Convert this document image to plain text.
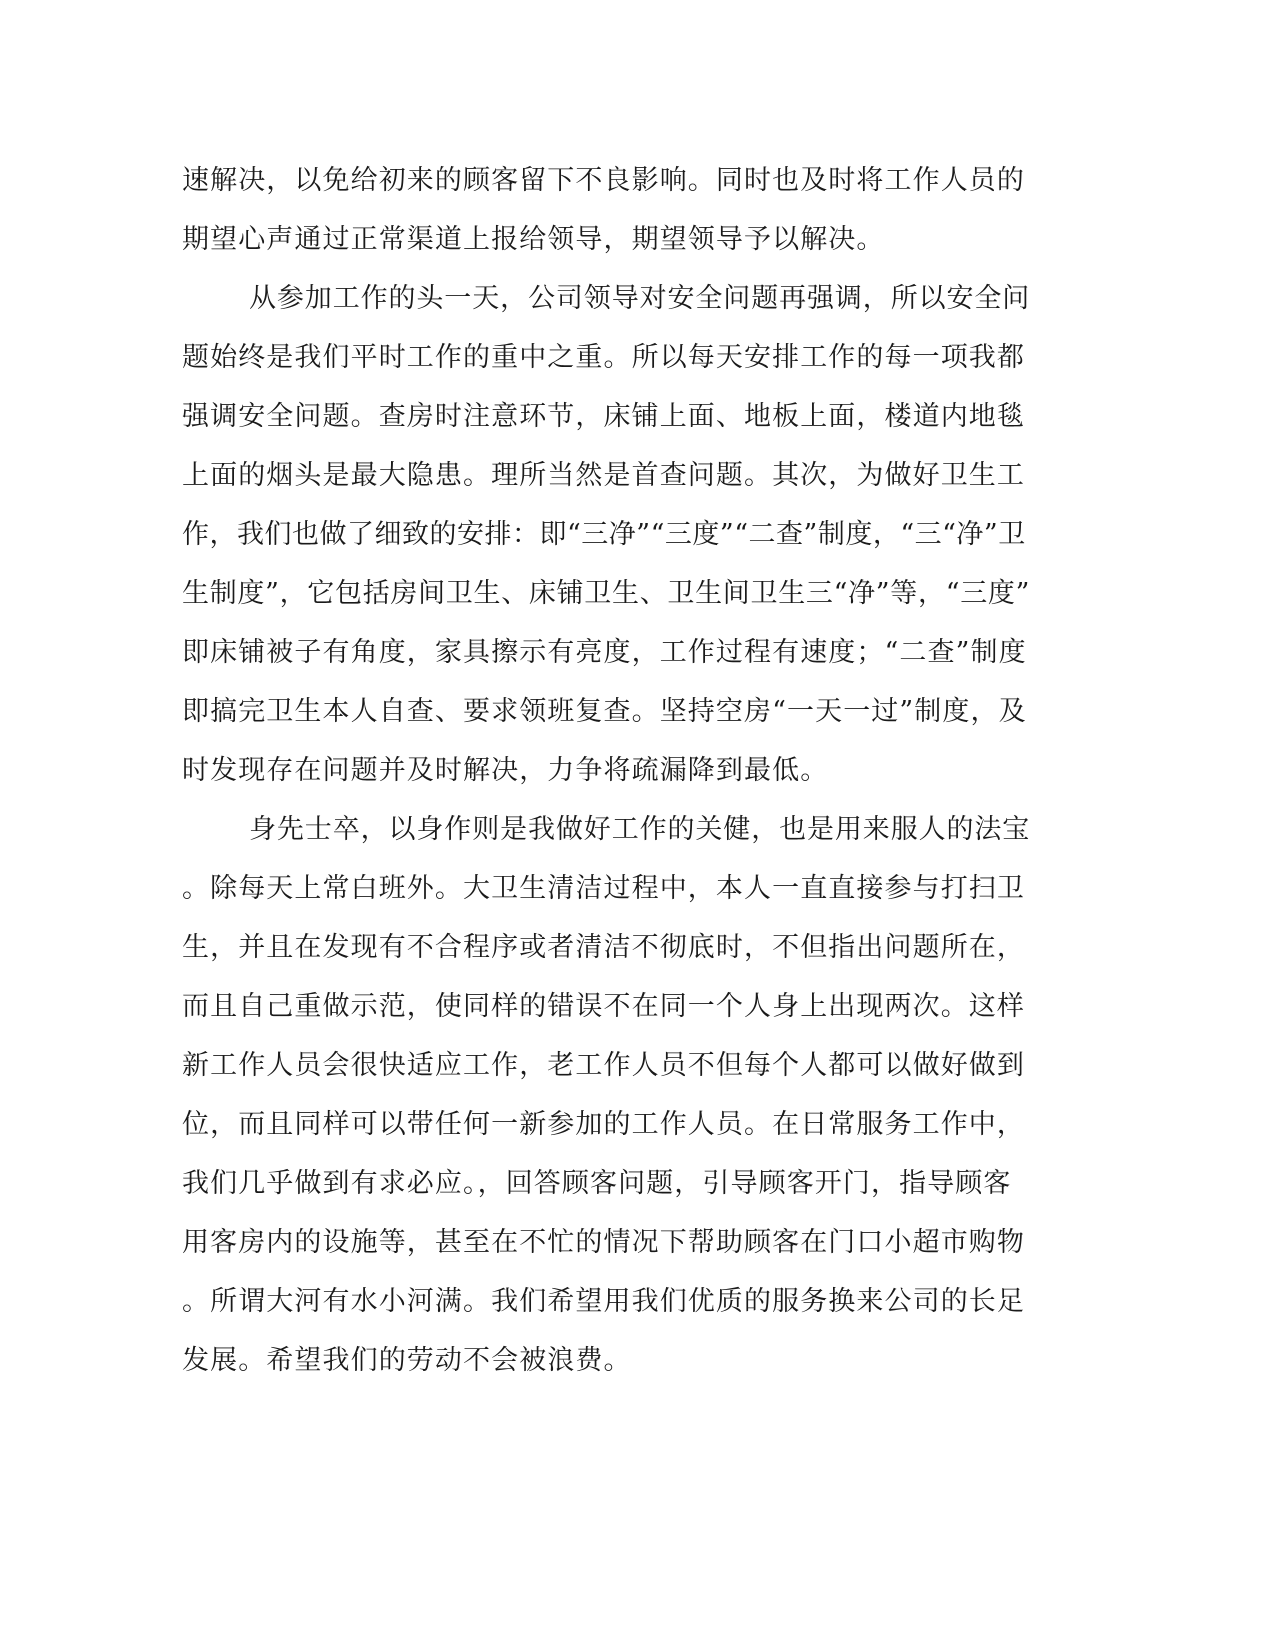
速解决，以免给初来的顾客留下不良影响。同时也及时将工作人员的
期望心声通过正常渠道上报给领导，期望领导予以解决。
从参加工作的头一天，公司领导对安全问题再强调，所以安全问
题始终是我们平时工作的重中之重。所以每天安排工作的每一项我都
强调安全问题。查房时注意环节，床铺上面、地板上面，楼道内地毯
上面的烟头是最大隐患。理所当然是首查问题。其次，为做好卫生工
作，我们也做了细致的安排：即“三净”“三度”“二查”制度，“三“净”卫
生制度”，它包括房间卫生、床铺卫生、卫生间卫生三“净”等，“三度”
即床铺被子有角度，家具擦示有亮度，工作过程有速度；“二查”制度
即搞完卫生本人自查、要求领班复查。坚持空房“一天一过”制度，及
时发现存在问题并及时解决，力争将疏漏降到最低。
身先士卒，以身作则是我做好工作的关健，也是用来服人的法宝
。除每天上常白班外。大卫生清洁过程中，本人一直直接参与打扫卫
生，并且在发现有不合程序或者清洁不彻底时，不但指出问题所在，
而且自己重做示范，使同样的错误不在同一个人身上出现两次。这样
新工作人员会很快适应工作，老工作人员不但每个人都可以做好做到
位，而且同样可以带任何一新参加的工作人员。在日常服务工作中，
我们几乎做到有求必应。，回答顾客问题，引导顾客开门，指导顾客
用客房内的设施等，甚至在不忙的情况下帮助顾客在门口小超市购物
。所谓大河有水小河满。我们希望用我们优质的服务换来公司的长足
发展。希望我们的劳动不会被浪费。
